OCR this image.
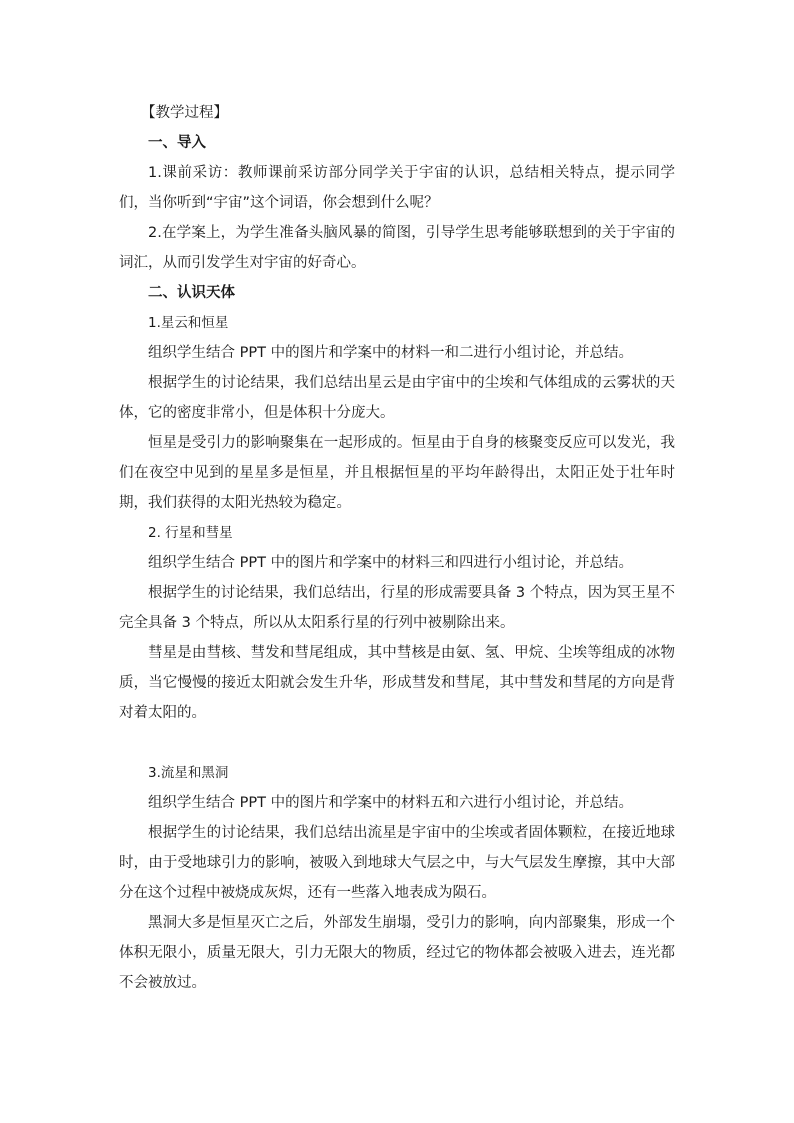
【教学过程】

一、导入

1.课前采访：教师课前采访部分同学关于宇宙的认识，总结相关特点，提示同学们，当你听到“宇宙”这个词语，你会想到什么呢？

2.在学案上，为学生准备头脑风暴的简图，引导学生思考能够联想到的关于宇宙的词汇，从而引发学生对宇宙的好奇心。

二、认识天体

1.星云和恒星

组织学生结合 PPT 中的图片和学案中的材料一和二进行小组讨论，并总结。

根据学生的讨论结果，我们总结出星云是由宇宙中的尘埃和气体组成的云雾状的天体，它的密度非常小，但是体积十分庞大。

恒星是受引力的影响聚集在一起形成的。恒星由于自身的核聚变反应可以发光，我们在夜空中见到的星星多是恒星，并且根据恒星的平均年龄得出，太阳正处于壮年时期，我们获得的太阳光热较为稳定。

2. 行星和彗星

组织学生结合 PPT 中的图片和学案中的材料三和四进行小组讨论，并总结。

根据学生的讨论结果，我们总结出，行星的形成需要具备 3 个特点，因为冥王星不完全具备 3 个特点，所以从太阳系行星的行列中被剔除出来。

彗星是由彗核、彗发和彗尾组成，其中彗核是由氨、氢、甲烷、尘埃等组成的冰物质，当它慢慢的接近太阳就会发生升华，形成彗发和彗尾，其中彗发和彗尾的方向是背对着太阳的。

3.流星和黑洞

组织学生结合 PPT 中的图片和学案中的材料五和六进行小组讨论，并总结。

根据学生的讨论结果，我们总结出流星是宇宙中的尘埃或者固体颗粒，在接近地球时，由于受地球引力的影响，被吸入到地球大气层之中，与大气层发生摩擦，其中大部分在这个过程中被烧成灰烬，还有一些落入地表成为陨石。

黑洞大多是恒星灭亡之后，外部发生崩塌，受引力的影响，向内部聚集，形成一个体积无限小，质量无限大，引力无限大的物质，经过它的物体都会被吸入进去，连光都不会被放过。
